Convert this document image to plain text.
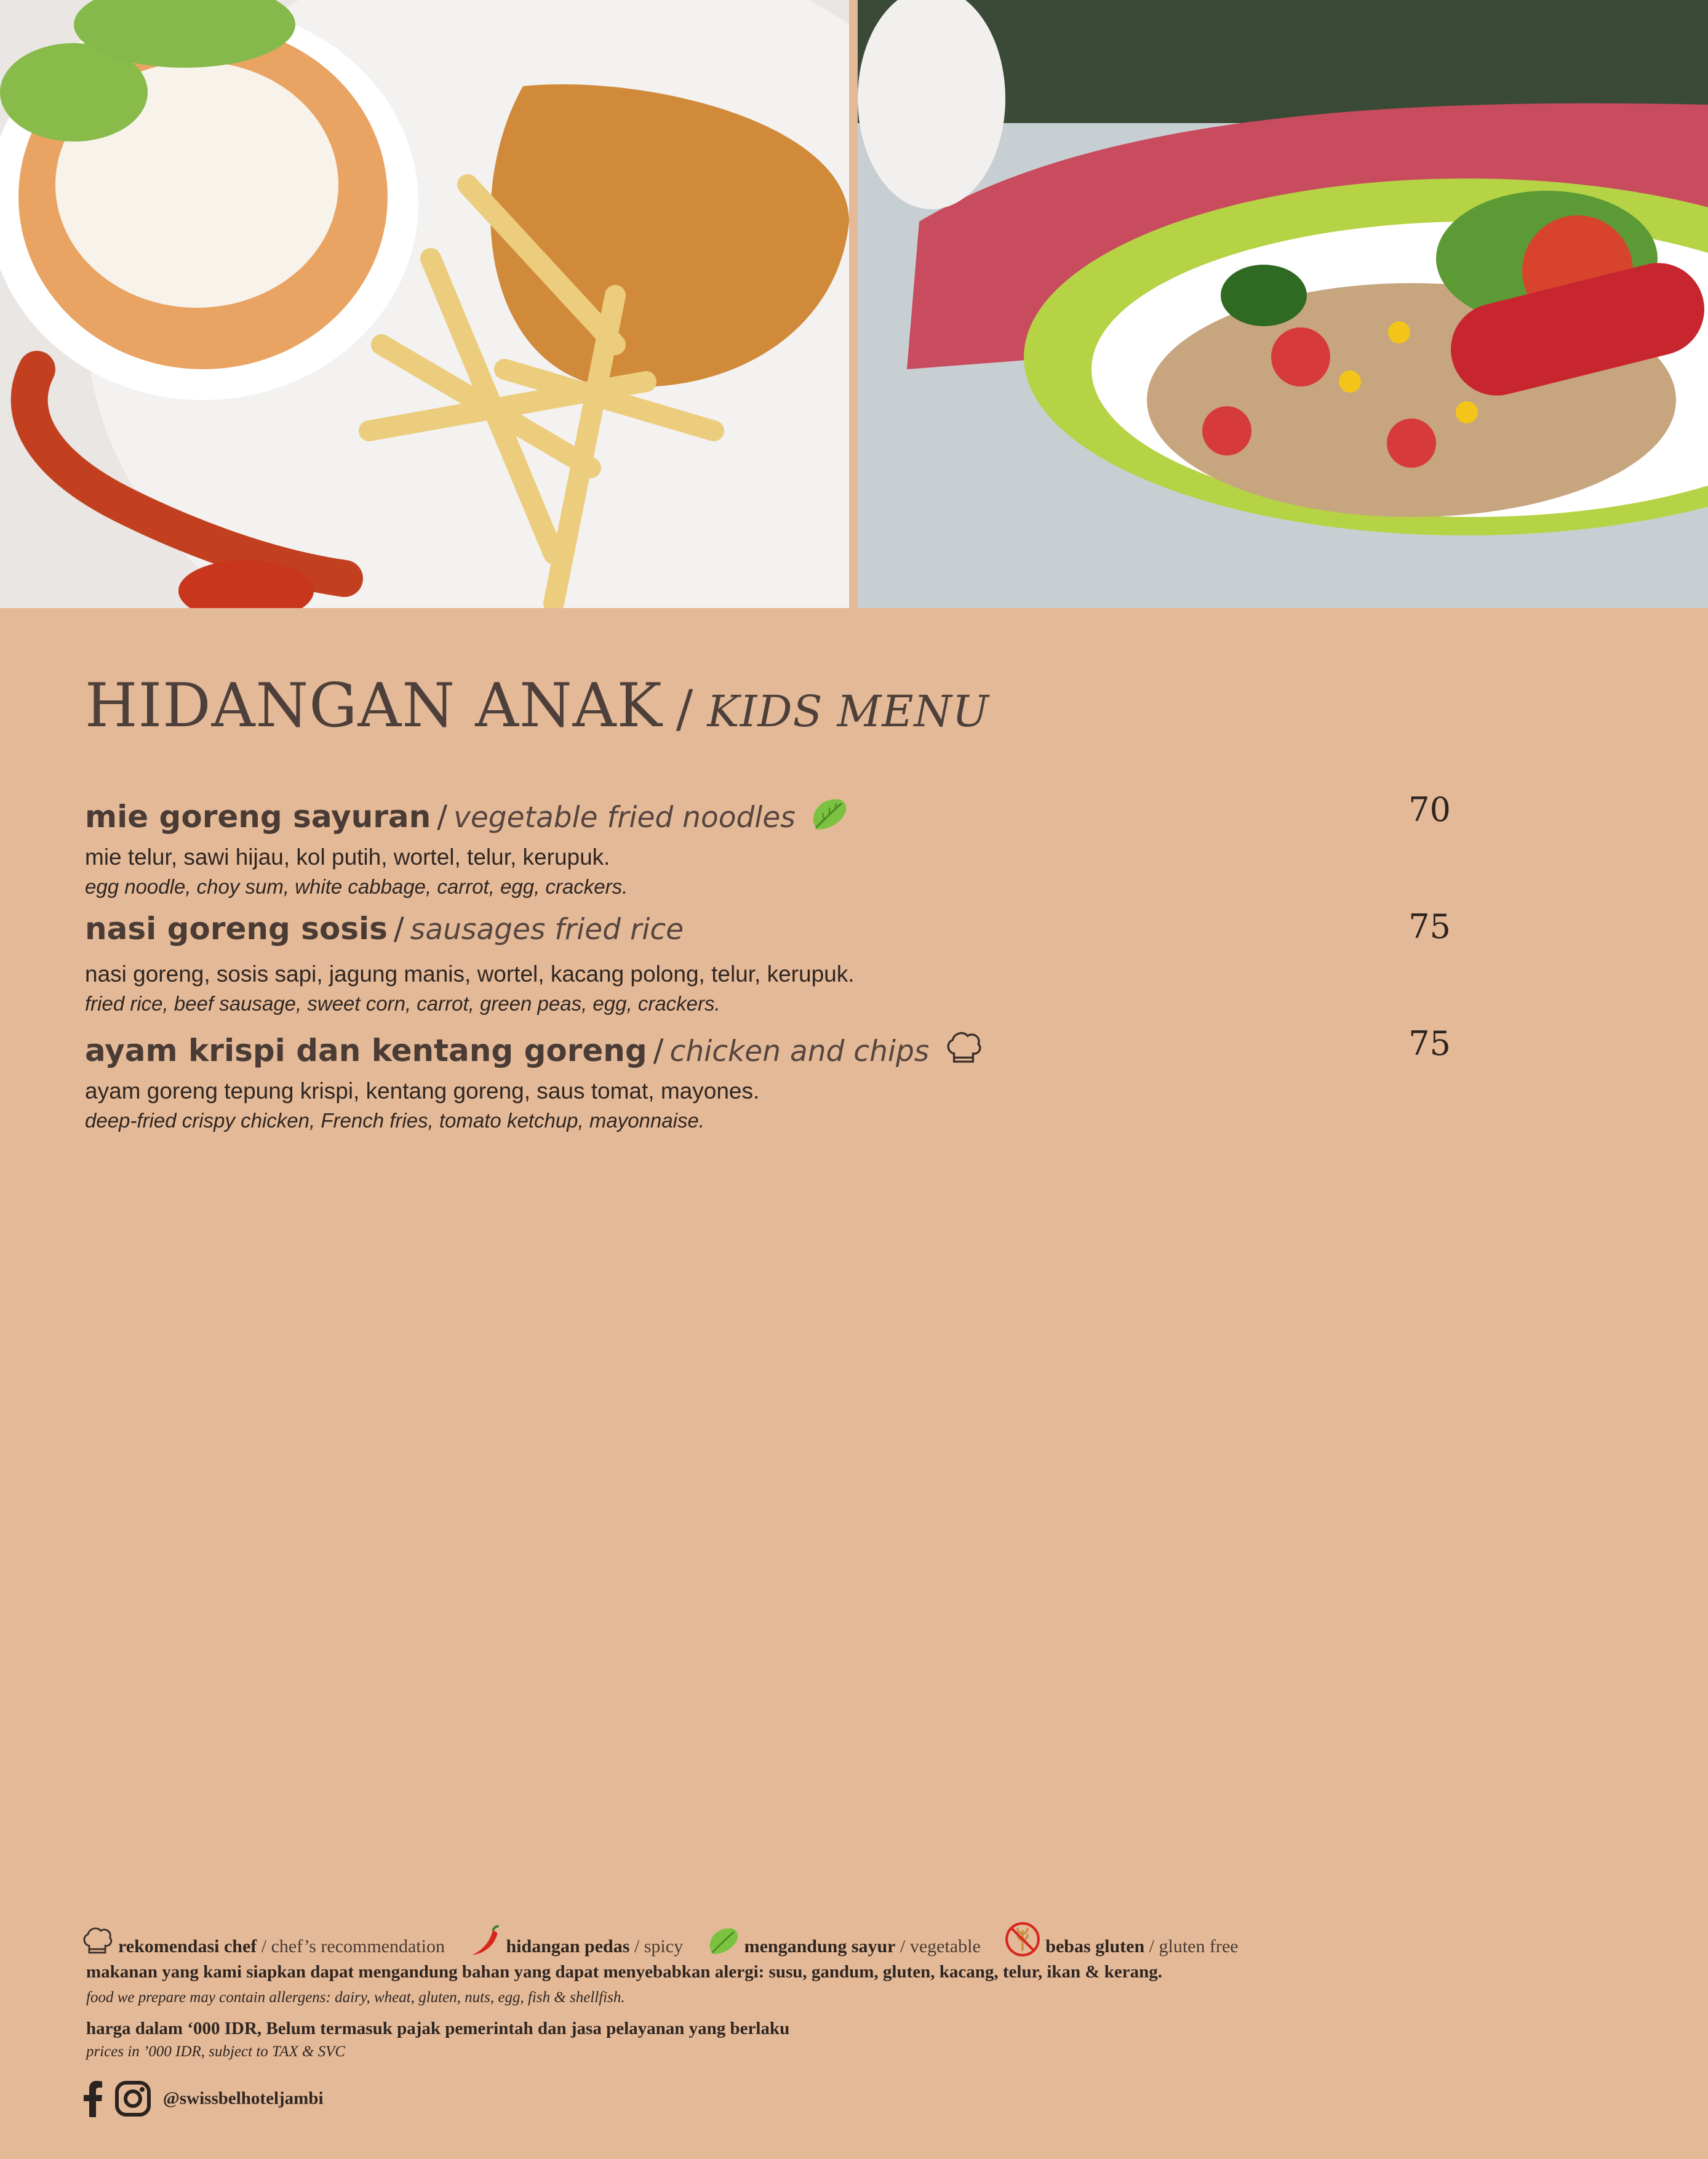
HIDANGAN ANAK / KIDS MENU
mie goreng sayuran / vegetable fried noodles	70
mie telur, sawi hijau, kol putih, wortel, telur, kerupuk.
egg noodle, choy sum, white cabbage, carrot, egg, crackers.
nasi goreng sosis / sausages fried rice	75
nasi goreng, sosis sapi, jagung manis, wortel, kacang polong, telur, kerupuk.
fried rice, beef sausage, sweet corn, carrot, green peas, egg, crackers.
ayam krispi dan kentang goreng / chicken and chips	75
ayam goreng tepung krispi, kentang goreng, saus tomat, mayones.
deep-fried crispy chicken, French fries, tomato ketchup, mayonnaise.
rekomendasi chef / chef’s recommendation	hidangan pedas / spicy	mengandung sayur / vegetable	bebas gluten / gluten free
makanan yang kami siapkan dapat mengandung bahan yang dapat menyebabkan alergi: susu, gandum, gluten, kacang, telur, ikan & kerang.
food we prepare may contain allergens: dairy, wheat, gluten, nuts, egg, fish & shellfish.
harga dalam ‘000 IDR, Belum termasuk pajak pemerintah dan jasa pelayanan yang berlaku
prices in ’000 IDR, subject to TAX & SVC
@swissbelhoteljambi
